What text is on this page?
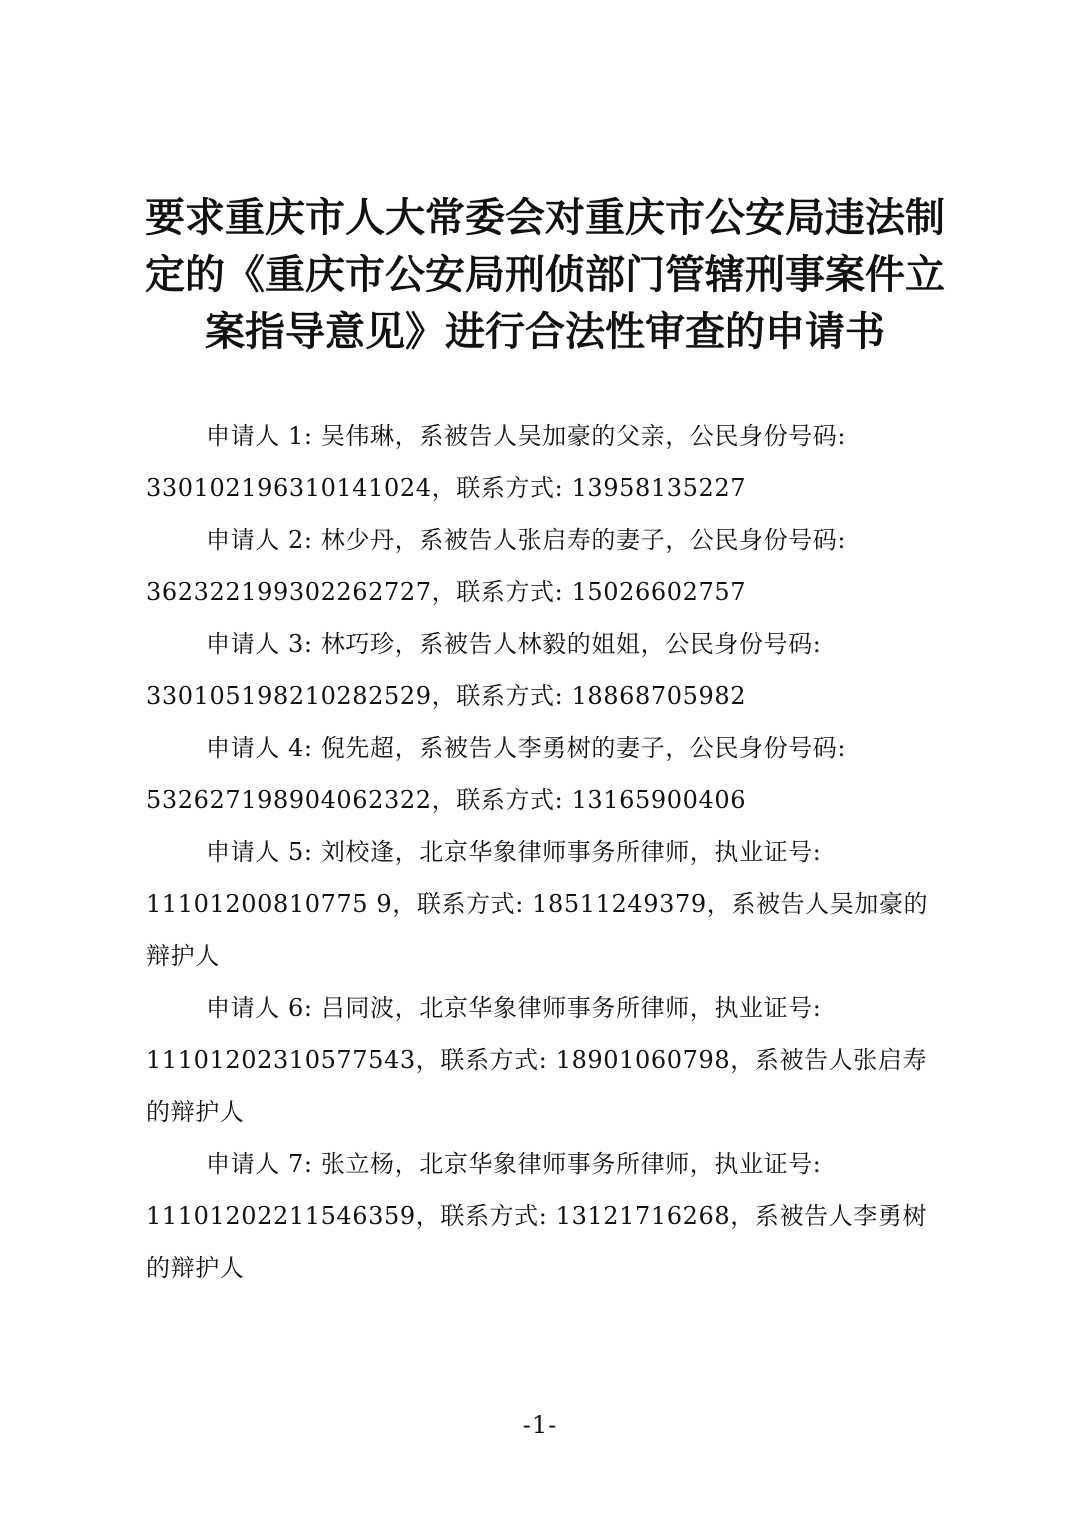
要求重庆市人大常委会对重庆市公安局违法制
定的《重庆市公安局刑侦部门管辖刑事案件立
案指导意见》进行合法性审查的申请书

申请人 1: 吴伟琳，系被告人吴加豪的父亲，公民身份号码:
330102196310141024，联系方式: 13958135227

申请人 2: 林少丹，系被告人张启寿的妻子，公民身份号码:
362322199302262727，联系方式: 15026602757

申请人 3: 林巧珍，系被告人林毅的姐姐，公民身份号码:
330105198210282529，联系方式: 18868705982

申请人 4: 倪先超，系被告人李勇树的妻子，公民身份号码:
532627198904062322，联系方式: 13165900406

申请人 5: 刘校逢，北京华象律师事务所律师，执业证号:
11101200810775 9，联系方式: 18511249379，系被告人吴加豪的
辩护人

申请人 6: 吕同波，北京华象律师事务所律师，执业证号:
11101202310577543，联系方式: 18901060798，系被告人张启寿
的辩护人

申请人 7: 张立杨，北京华象律师事务所律师，执业证号:
11101202211546359，联系方式: 13121716268，系被告人李勇树
的辩护人

-1-
